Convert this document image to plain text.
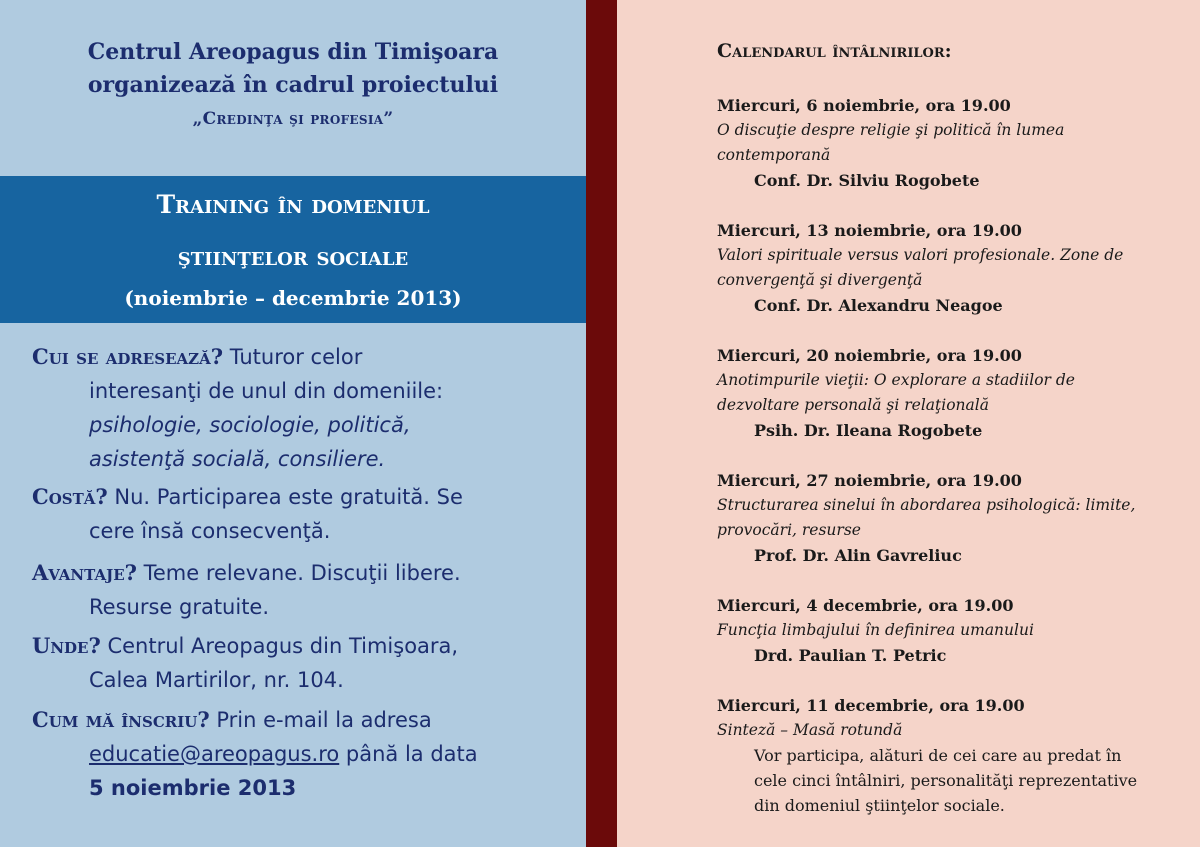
Centrul Areopagus din Timişoara
organizează în cadrul proiectului
„Credinţa şi profesia”
Training în domeniul
ştiinţelor sociale
(noiembrie – decembrie 2013)
Cui se adresează? Tuturor celor
interesanţi de unul din domeniile:
psihologie, sociologie, politică,
asistenţă socială, consiliere.
Costă? Nu. Participarea este gratuită. Se
cere însă consecvenţă.
Avantaje? Teme relevane. Discuţii libere.
Resurse gratuite.
Unde? Centrul Areopagus din Timişoara,
Calea Martirilor, nr. 104.
Cum mă înscriu? Prin e-mail la adresa
educatie@areopagus.ro până la data
5 noiembrie 2013
Calendarul întâlnirilor:
Miercuri, 6 noiembrie, ora 19.00
O discuţie despre religie şi politică în lumea
contemporană
Conf. Dr. Silviu Rogobete
Miercuri, 13 noiembrie, ora 19.00
Valori spirituale versus valori profesionale. Zone de
convergenţă şi divergenţă
Conf. Dr. Alexandru Neagoe
Miercuri, 20 noiembrie, ora 19.00
Anotimpurile vieţii: O explorare a stadiilor de
dezvoltare personală şi relaţională
Psih. Dr. Ileana Rogobete
Miercuri, 27 noiembrie, ora 19.00
Structurarea sinelui în abordarea psihologică: limite,
provocări, resurse
Prof. Dr. Alin Gavreliuc
Miercuri, 4 decembrie, ora 19.00
Funcţia limbajului în definirea umanului
Drd. Paulian T. Petric
Miercuri, 11 decembrie, ora 19.00
Sinteză – Masă rotundă
Vor participa, alături de cei care au predat în
cele cinci întâlniri, personalităţi reprezentative
din domeniul ştiinţelor sociale.
